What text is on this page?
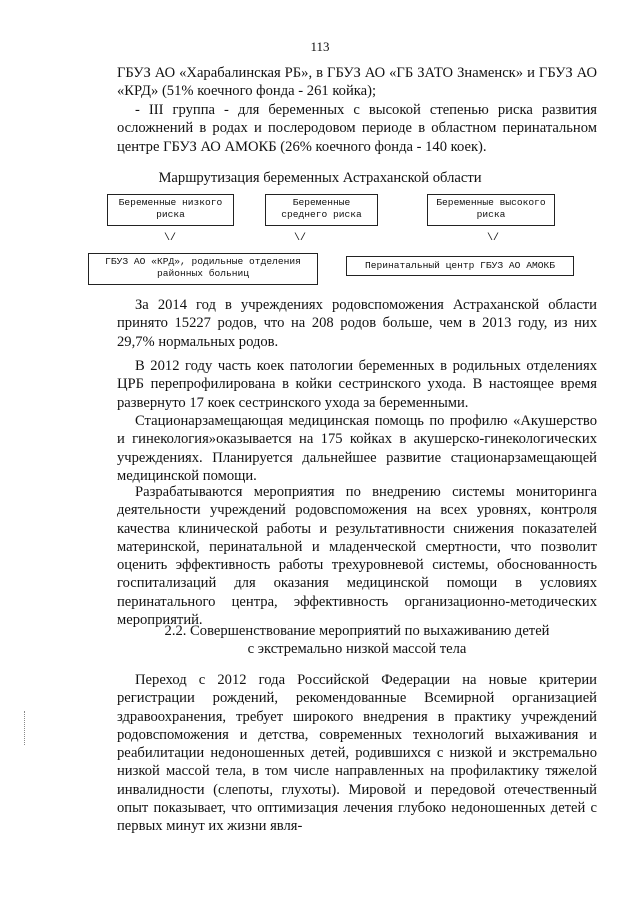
113

ГБУЗ АО «Харабалинская РБ», в ГБУЗ АО «ГБ ЗАТО Знаменск» и ГБУЗ АО «КРД» (51% коечного фонда - 261 койка);

- III группа - для беременных с высокой степенью риска развития осложнений в родах и послеродовом периоде в областном перинатальном центре ГБУЗ АО АМОКБ (26% коечного фонда - 140 коек).

Маршрутизация беременных Астраханской области
Беременные низкого риска
Беременные среднего риска
Беременные высокого риска
\/	\/	\/
ГБУЗ АО «КРД», родильные отделения районных больниц
Перинатальный центр ГБУЗ АО АМОКБ

За 2014 год в учреждениях родовспоможения Астраханской области принято 15227 родов, что на 208 родов больше, чем в 2013 году, из них 29,7% нормальных родов.

В 2012 году часть коек патологии беременных в родильных отделениях ЦРБ перепрофилирована в койки сестринского ухода. В настоящее время развернуто 17 коек сестринского ухода за беременными.

Стационарзамещающая медицинская помощь по профилю «Акушерство и гинекология»оказывается на 175 койках в акушерско-гинекологических учреждениях. Планируется дальнейшее развитие стационарзамещающей медицинской помощи.

Разрабатываются мероприятия по внедрению системы мониторинга деятельности учреждений родовспоможения на всех уровнях, контроля качества клинической работы и результативности снижения показателей материнской, перинатальной и младенческой смертности, что позволит оценить эффективность работы трехуровневой системы, обоснованность госпитализаций для оказания медицинской помощи в условиях перинатального центра, эффективность организационно-методических мероприятий.

2.2. Совершенствование мероприятий по выхаживанию детей
с экстремально низкой массой тела

Переход с 2012 года Российской Федерации на новые критерии регистрации рождений, рекомендованные Всемирной организацией здравоохранения, требует широкого внедрения в практику учреждений родовспоможения и детства, современных технологий выхаживания и реабилитации недоношенных детей, родившихся с низкой и экстремально низкой массой тела, в том числе направленных на профилактику тяжелой инвалидности (слепоты, глухоты). Мировой и передовой отечественный опыт показывает, что оптимизация лечения глубоко недоношенных детей с первых минут их жизни явля-
